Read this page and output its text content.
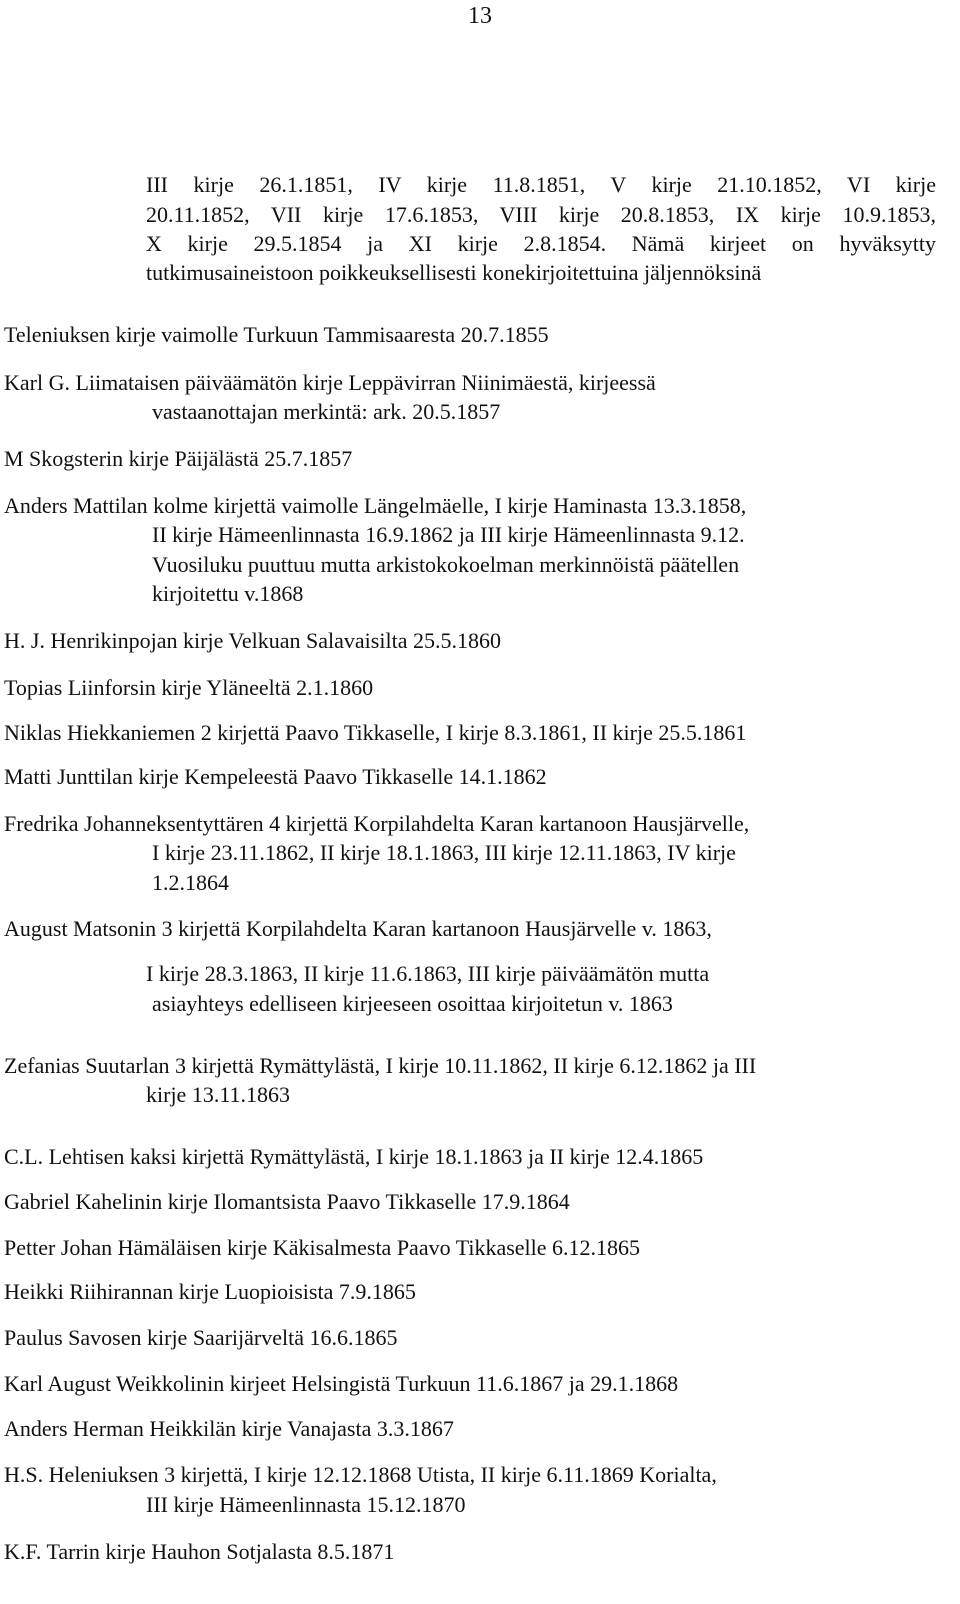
13
III kirje 26.1.1851, IV kirje 11.8.1851, V kirje 21.10.1852, VI kirje
20.11.1852, VII kirje 17.6.1853, VIII kirje 20.8.1853, IX kirje 10.9.1853,
X kirje 29.5.1854 ja XI kirje 2.8.1854. Nämä kirjeet on hyväksytty
tutkimusaineistoon poikkeuksellisesti konekirjoitettuina jäljennöksinä
Teleniuksen kirje vaimolle Turkuun Tammisaaresta 20.7.1855
Karl G. Liimataisen päiväämätön kirje Leppävirran Niinimäestä, kirjeessä
vastaanottajan merkintä: ark. 20.5.1857
M Skogsterin kirje Päijälästä 25.7.1857
Anders Mattilan kolme kirjettä vaimolle Längelmäelle, I kirje Haminasta 13.3.1858,
II kirje Hämeenlinnasta 16.9.1862 ja III kirje Hämeenlinnasta 9.12.
Vuosiluku puuttuu mutta arkistokokoelman merkinnöistä päätellen
kirjoitettu v.1868
H. J. Henrikinpojan kirje Velkuan Salavaisilta 25.5.1860
Topias Liinforsin kirje Yläneeltä 2.1.1860
Niklas Hiekkaniemen 2 kirjettä Paavo Tikkaselle, I kirje 8.3.1861, II kirje 25.5.1861
Matti Junttilan kirje Kempeleestä Paavo Tikkaselle 14.1.1862
Fredrika Johanneksentyttären 4 kirjettä Korpilahdelta Karan kartanoon Hausjärvelle,
I kirje 23.11.1862, II kirje 18.1.1863, III kirje 12.11.1863, IV kirje
1.2.1864
August Matsonin 3 kirjettä Korpilahdelta Karan kartanoon Hausjärvelle v. 1863,
I kirje 28.3.1863, II kirje 11.6.1863, III kirje päiväämätön mutta
asiayhteys edelliseen kirjeeseen osoittaa kirjoitetun v. 1863
Zefanias Suutarlan 3 kirjettä Rymättylästä, I kirje 10.11.1862, II kirje 6.12.1862 ja III
kirje 13.11.1863
C.L. Lehtisen kaksi kirjettä Rymättylästä, I kirje 18.1.1863 ja II kirje 12.4.1865
Gabriel Kahelinin kirje Ilomantsista Paavo Tikkaselle 17.9.1864
Petter Johan Hämäläisen kirje Käkisalmesta Paavo Tikkaselle 6.12.1865
Heikki Riihirannan kirje Luopioisista 7.9.1865
Paulus Savosen kirje Saarijärveltä 16.6.1865
Karl August Weikkolinin kirjeet Helsingistä Turkuun 11.6.1867 ja 29.1.1868
Anders Herman Heikkilän kirje Vanajasta 3.3.1867
H.S. Heleniuksen 3 kirjettä, I kirje 12.12.1868 Utista, II kirje 6.11.1869 Korialta,
III kirje Hämeenlinnasta 15.12.1870
K.F. Tarrin kirje Hauhon Sotjalasta 8.5.1871
